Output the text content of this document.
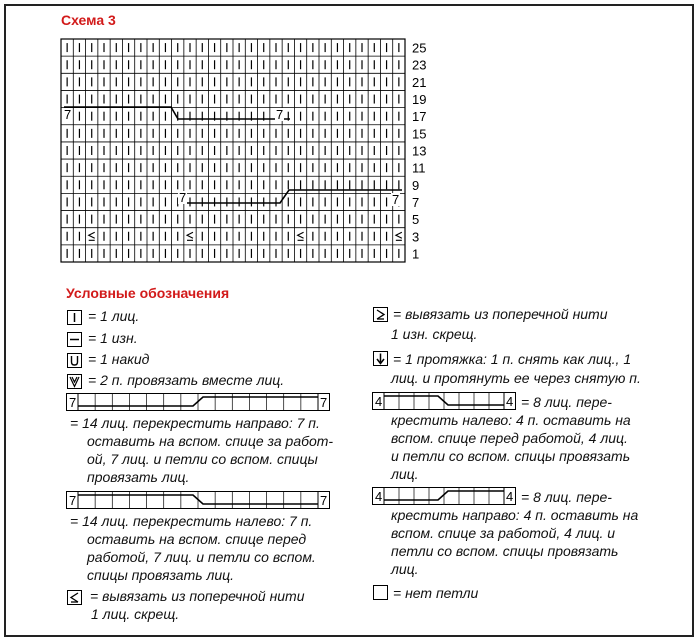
Схема 3
Условные обозначения
7	7
7	7
25
23
21
19
17
15
13
11
9
7
5
3
1
= 1 лиц.
= 1 изн.
= 1 накид
= 2 п. провязать вместе лиц.
7	7
= 14 лиц. перекрестить направо: 7 п.
оставить на вспом. спице за работ-
ой, 7 лиц. и петли со вспом. спицы
провязать лиц.
7	7
= 14 лиц. перекрестить налево: 7 п.
оставить на вспом. спице перед
работой, 7 лиц. и петли со вспом.
спицы провязать лиц.
= вывязать из поперечной нити
1 лиц. скрещ.
= вывязать из поперечной нити
1 изн. скрещ.
= 1 протяжка: 1 п. снять как лиц., 1
лиц. и протянуть ее через снятую п.
4	4 = 8 лиц. пере-
крестить налево: 4 п. оставить на
вспом. спице перед работой, 4 лиц.
и петли со вспом. спицы провязать
лиц.
4	4 = 8 лиц. пере-
крестить направо: 4 п. оставить на
вспом. спице за работой, 4 лиц. и
петли со вспом. спицы провязать
лиц.
= нет петли
